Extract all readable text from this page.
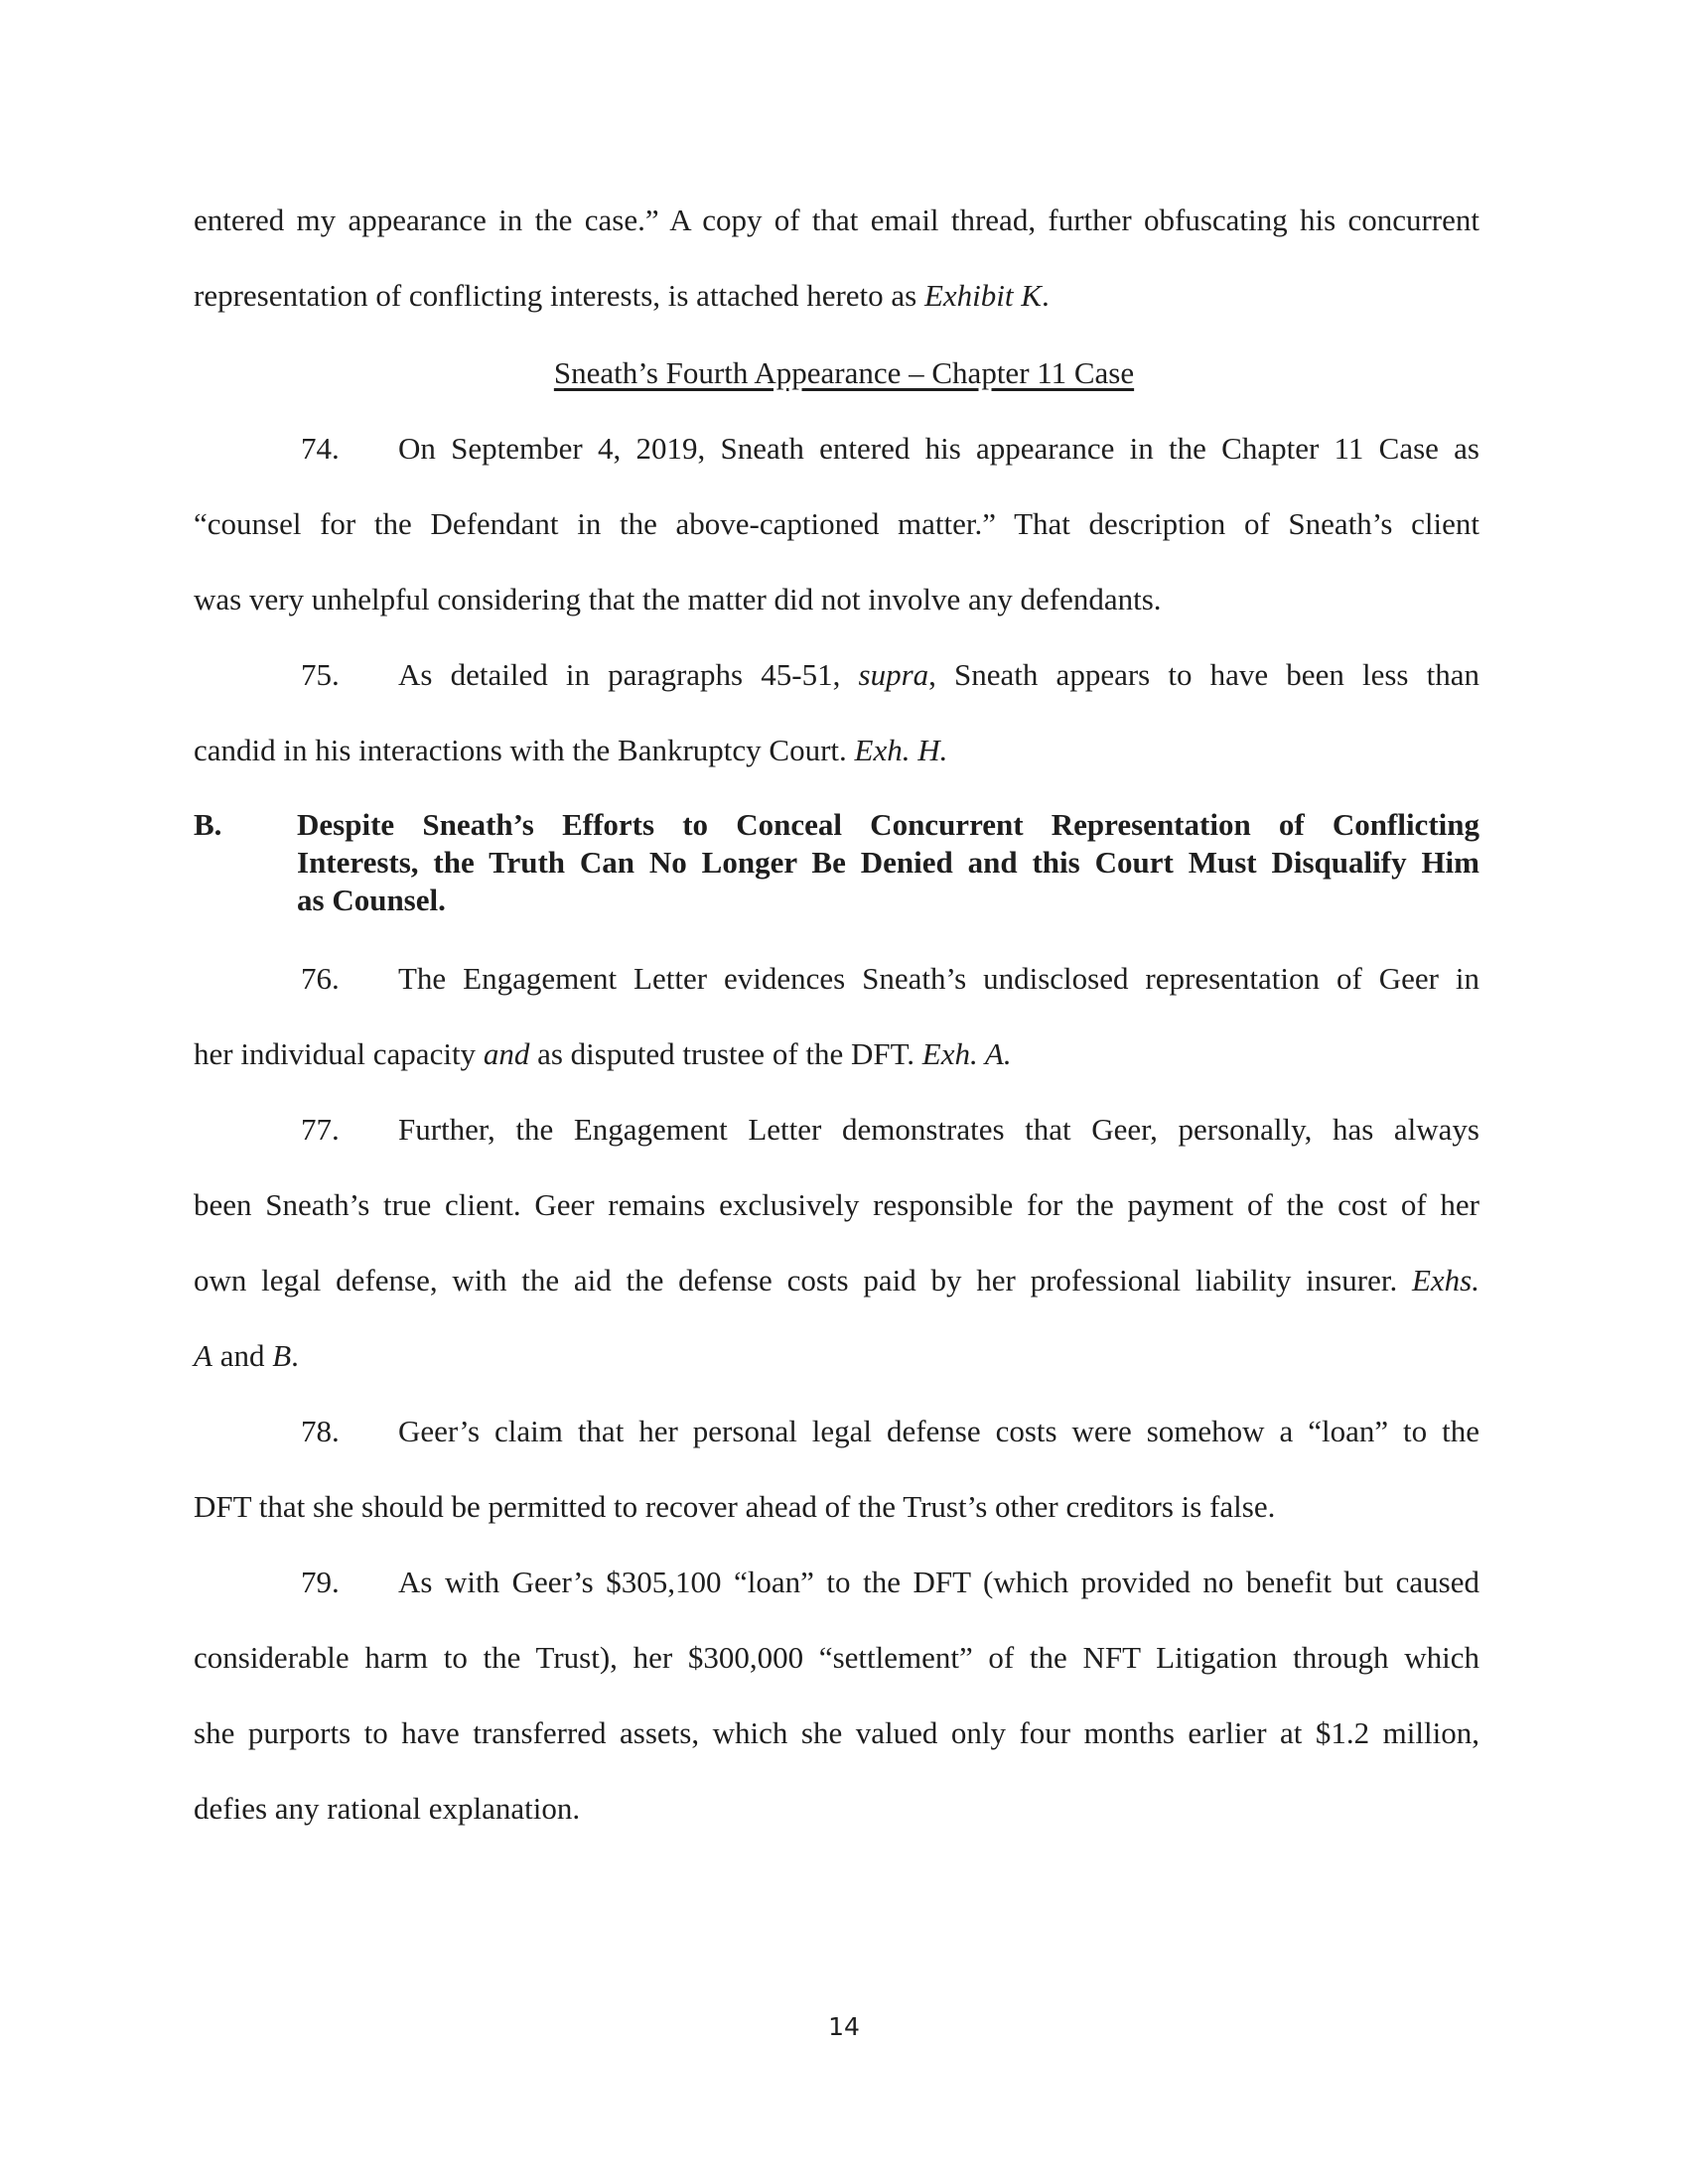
entered my appearance in the case.” A copy of that email thread, further obfuscating his concurrent
representation of conflicting interests, is attached hereto as Exhibit K.
Sneath’s Fourth Appearance – Chapter 11 Case
74. On September 4, 2019, Sneath entered his appearance in the Chapter 11 Case as
“counsel for the Defendant in the above-captioned matter.” That description of Sneath’s client
was very unhelpful considering that the matter did not involve any defendants.
75. As detailed in paragraphs 45-51, supra, Sneath appears to have been less than
candid in his interactions with the Bankruptcy Court. Exh. H.
B. Despite Sneath’s Efforts to Conceal Concurrent Representation of Conflicting
Interests, the Truth Can No Longer Be Denied and this Court Must Disqualify Him
as Counsel.
76. The Engagement Letter evidences Sneath’s undisclosed representation of Geer in
her individual capacity and as disputed trustee of the DFT. Exh. A.
77. Further, the Engagement Letter demonstrates that Geer, personally, has always
been Sneath’s true client. Geer remains exclusively responsible for the payment of the cost of her
own legal defense, with the aid the defense costs paid by her professional liability insurer. Exhs.
A and B.
78. Geer’s claim that her personal legal defense costs were somehow a “loan” to the
DFT that she should be permitted to recover ahead of the Trust’s other creditors is false.
79. As with Geer’s $305,100 “loan” to the DFT (which provided no benefit but caused
considerable harm to the Trust), her $300,000 “settlement” of the NFT Litigation through which
she purports to have transferred assets, which she valued only four months earlier at $1.2 million,
defies any rational explanation.
14
